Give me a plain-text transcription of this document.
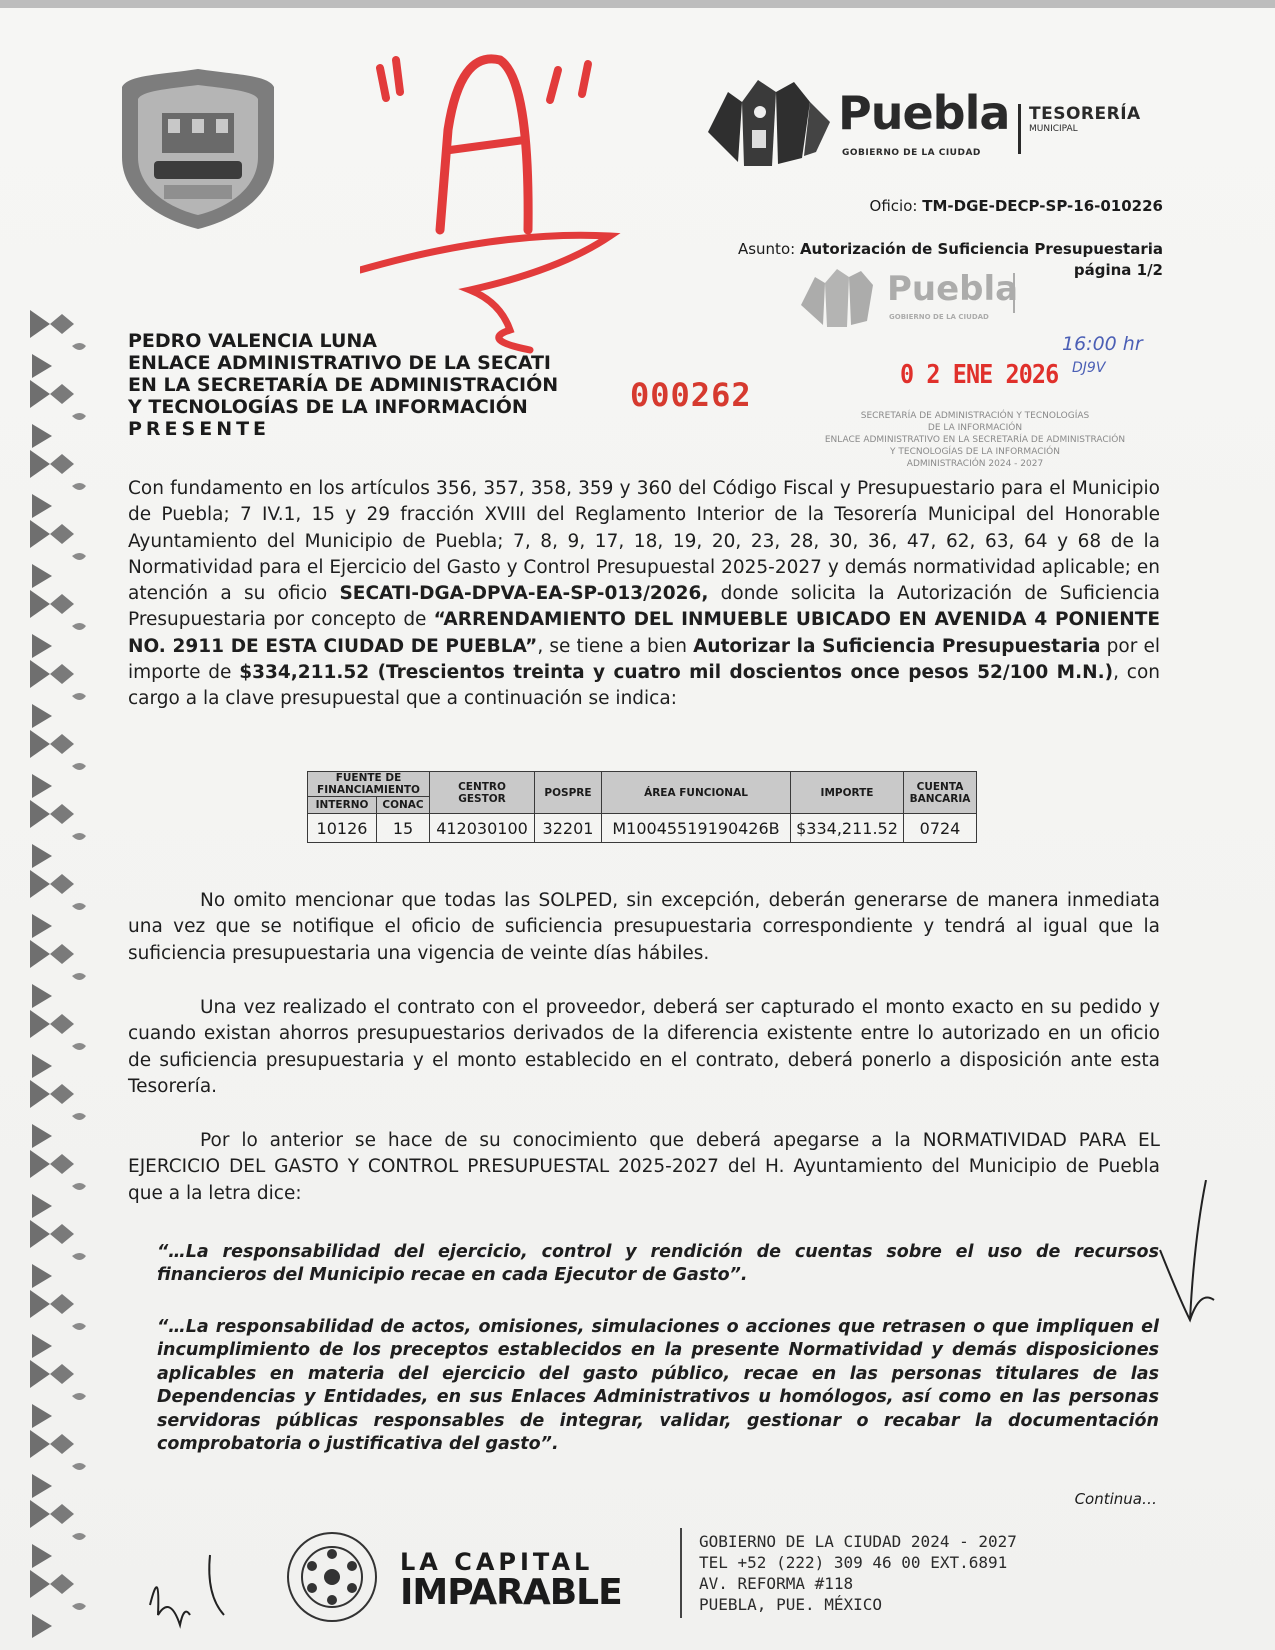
Puebla
GOBIERNO DE LA CIUDAD
TESORERÍA
MUNICIPAL
Oficio: TM-DGE-DECP-SP-16-010226
Asunto: Autorización de Suficiencia Presupuestaria
página 1/2
Puebla
GOBIERNO DE LA CIUDAD
0 2 ENE 2026
16:00 hr
DJ9V
SECRETARÍA DE ADMINISTRACIÓN Y TECNOLOGÍAS
DE LA INFORMACIÓN
ENLACE ADMINISTRATIVO EN LA SECRETARÍA DE ADMINISTRACIÓN
Y TECNOLOGÍAS DE LA INFORMACIÓN
ADMINISTRACIÓN 2024 - 2027
000262
PEDRO VALENCIA LUNA
ENLACE ADMINISTRATIVO DE LA SECATI
EN LA SECRETARÍA DE ADMINISTRACIÓN
Y TECNOLOGÍAS DE LA INFORMACIÓN
PRESENTE
Con fundamento en los artículos 356, 357, 358, 359 y 360 del Código Fiscal y Presupuestario para el Municipio de Puebla; 7 IV.1, 15 y 29 fracción XVIII del Reglamento Interior de la Tesorería Municipal del Honorable Ayuntamiento del Municipio de Puebla; 7, 8, 9, 17, 18, 19, 20, 23, 28, 30, 36, 47, 62, 63, 64 y 68 de la Normatividad para el Ejercicio del Gasto y Control Presupuestal 2025-2027 y demás normatividad aplicable; en atención a su oficio SECATI-DGA-DPVA-EA-SP-013/2026, donde solicita la Autorización de Suficiencia Presupuestaria por concepto de “ARRENDAMIENTO DEL INMUEBLE UBICADO EN AVENIDA 4 PONIENTE NO. 2911 DE ESTA CIUDAD DE PUEBLA”, se tiene a bien Autorizar la Suficiencia Presupuestaria por el importe de $334,211.52 (Trescientos treinta y cuatro mil doscientos once pesos 52/100 M.N.), con cargo a la clave presupuestal que a continuación se indica:
FUENTE DE FINANCIAMIENTO		CENTRO GESTOR	POSPRE	ÁREA FUNCIONAL	IMPORTE	CUENTA BANCARIA
INTERNO	CONAC					
10126	15	412030100	32201	M10045519190426B	$334,211.52	0724
No omito mencionar que todas las SOLPED, sin excepción, deberán generarse de manera inmediata una vez que se notifique el oficio de suficiencia presupuestaria correspondiente y tendrá al igual que la suficiencia presupuestaria una vigencia de veinte días hábiles.
Una vez realizado el contrato con el proveedor, deberá ser capturado el monto exacto en su pedido y cuando existan ahorros presupuestarios derivados de la diferencia existente entre lo autorizado en un oficio de suficiencia presupuestaria y el monto establecido en el contrato, deberá ponerlo a disposición ante esta Tesorería.
Por lo anterior se hace de su conocimiento que deberá apegarse a la NORMATIVIDAD PARA EL EJERCICIO DEL GASTO Y CONTROL PRESUPUESTAL 2025-2027 del H. Ayuntamiento del Municipio de Puebla que a la letra dice:
“…La responsabilidad del ejercicio, control y rendición de cuentas sobre el uso de recursos financieros del Municipio recae en cada Ejecutor de Gasto”.
“…La responsabilidad de actos, omisiones, simulaciones o acciones que retrasen o que impliquen el incumplimiento de los preceptos establecidos en la presente Normatividad y demás disposiciones aplicables en materia del ejercicio del gasto público, recae en las personas titulares de las Dependencias y Entidades, en sus Enlaces Administrativos u homólogos, así como en las personas servidoras públicas responsables de integrar, validar, gestionar o recabar la documentación comprobatoria o justificativa del gasto”.
Continua…
LA CAPITAL
IMPARABLE
GOBIERNO DE LA CIUDAD 2024 - 2027
TEL +52 (222) 309 46 00 EXT.6891
AV. REFORMA #118
PUEBLA, PUE. MÉXICO
